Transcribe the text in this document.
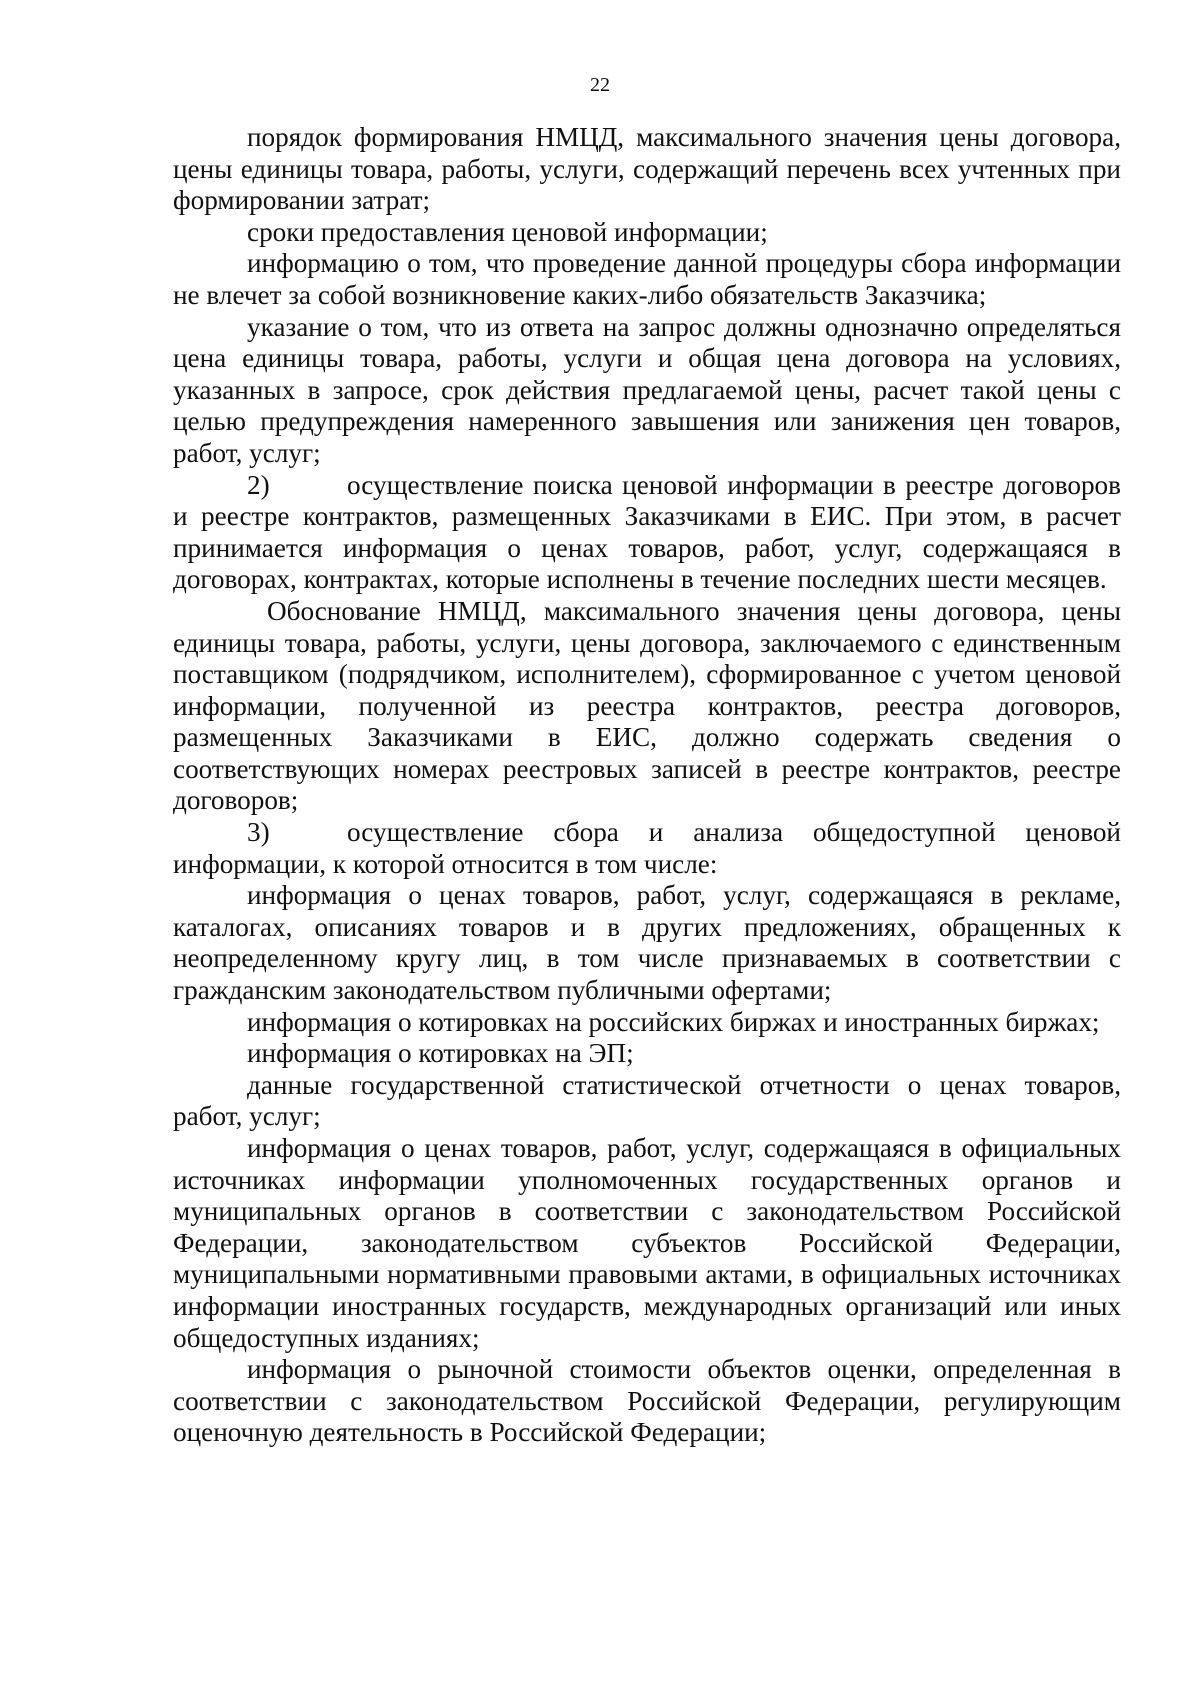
22

порядок формирования НМЦД, максимального значения цены договора, цены единицы товара, работы, услуги, содержащий перечень всех учтенных при формировании затрат;

сроки предоставления ценовой информации;

информацию о том, что проведение данной процедуры сбора информации не влечет за собой возникновение каких-либо обязательств Заказчика;

указание о том, что из ответа на запрос должны однозначно определяться цена единицы товара, работы, услуги и общая цена договора на условиях, указанных в запросе, срок действия предлагаемой цены, расчет такой цены с целью предупреждения намеренного завышения или занижения цен товаров, работ, услуг;

2)	осуществление поиска ценовой информации в реестре договоров и реестре контрактов, размещенных Заказчиками в ЕИС. При этом, в расчет принимается информация о ценах товаров, работ, услуг, содержащаяся в договорах, контрактах, которые исполнены в течение последних шести месяцев.

Обоснование НМЦД, максимального значения цены договора, цены единицы товара, работы, услуги, цены договора, заключаемого с единственным поставщиком (подрядчиком, исполнителем), сформированное с учетом ценовой информации, полученной из реестра контрактов, реестра договоров, размещенных Заказчиками в ЕИС, должно содержать сведения о соответствующих номерах реестровых записей в реестре контрактов, реестре договоров;

3)	осуществление сбора и анализа общедоступной ценовой информации, к которой относится в том числе:

информация о ценах товаров, работ, услуг, содержащаяся в рекламе, каталогах, описаниях товаров и в других предложениях, обращенных к неопределенному кругу лиц, в том числе признаваемых в соответствии с гражданским законодательством публичными офертами;

информация о котировках на российских биржах и иностранных биржах;

информация о котировках на ЭП;

данные государственной статистической отчетности о ценах товаров, работ, услуг;

информация о ценах товаров, работ, услуг, содержащаяся в официальных источниках информации уполномоченных государственных органов и муниципальных органов в соответствии с законодательством Российской Федерации, законодательством субъектов Российской Федерации, муниципальными нормативными правовыми актами, в официальных источниках информации иностранных государств, международных организаций или иных общедоступных изданиях;

информация о рыночной стоимости объектов оценки, определенная в соответствии с законодательством Российской Федерации, регулирующим оценочную деятельность в Российской Федерации;
